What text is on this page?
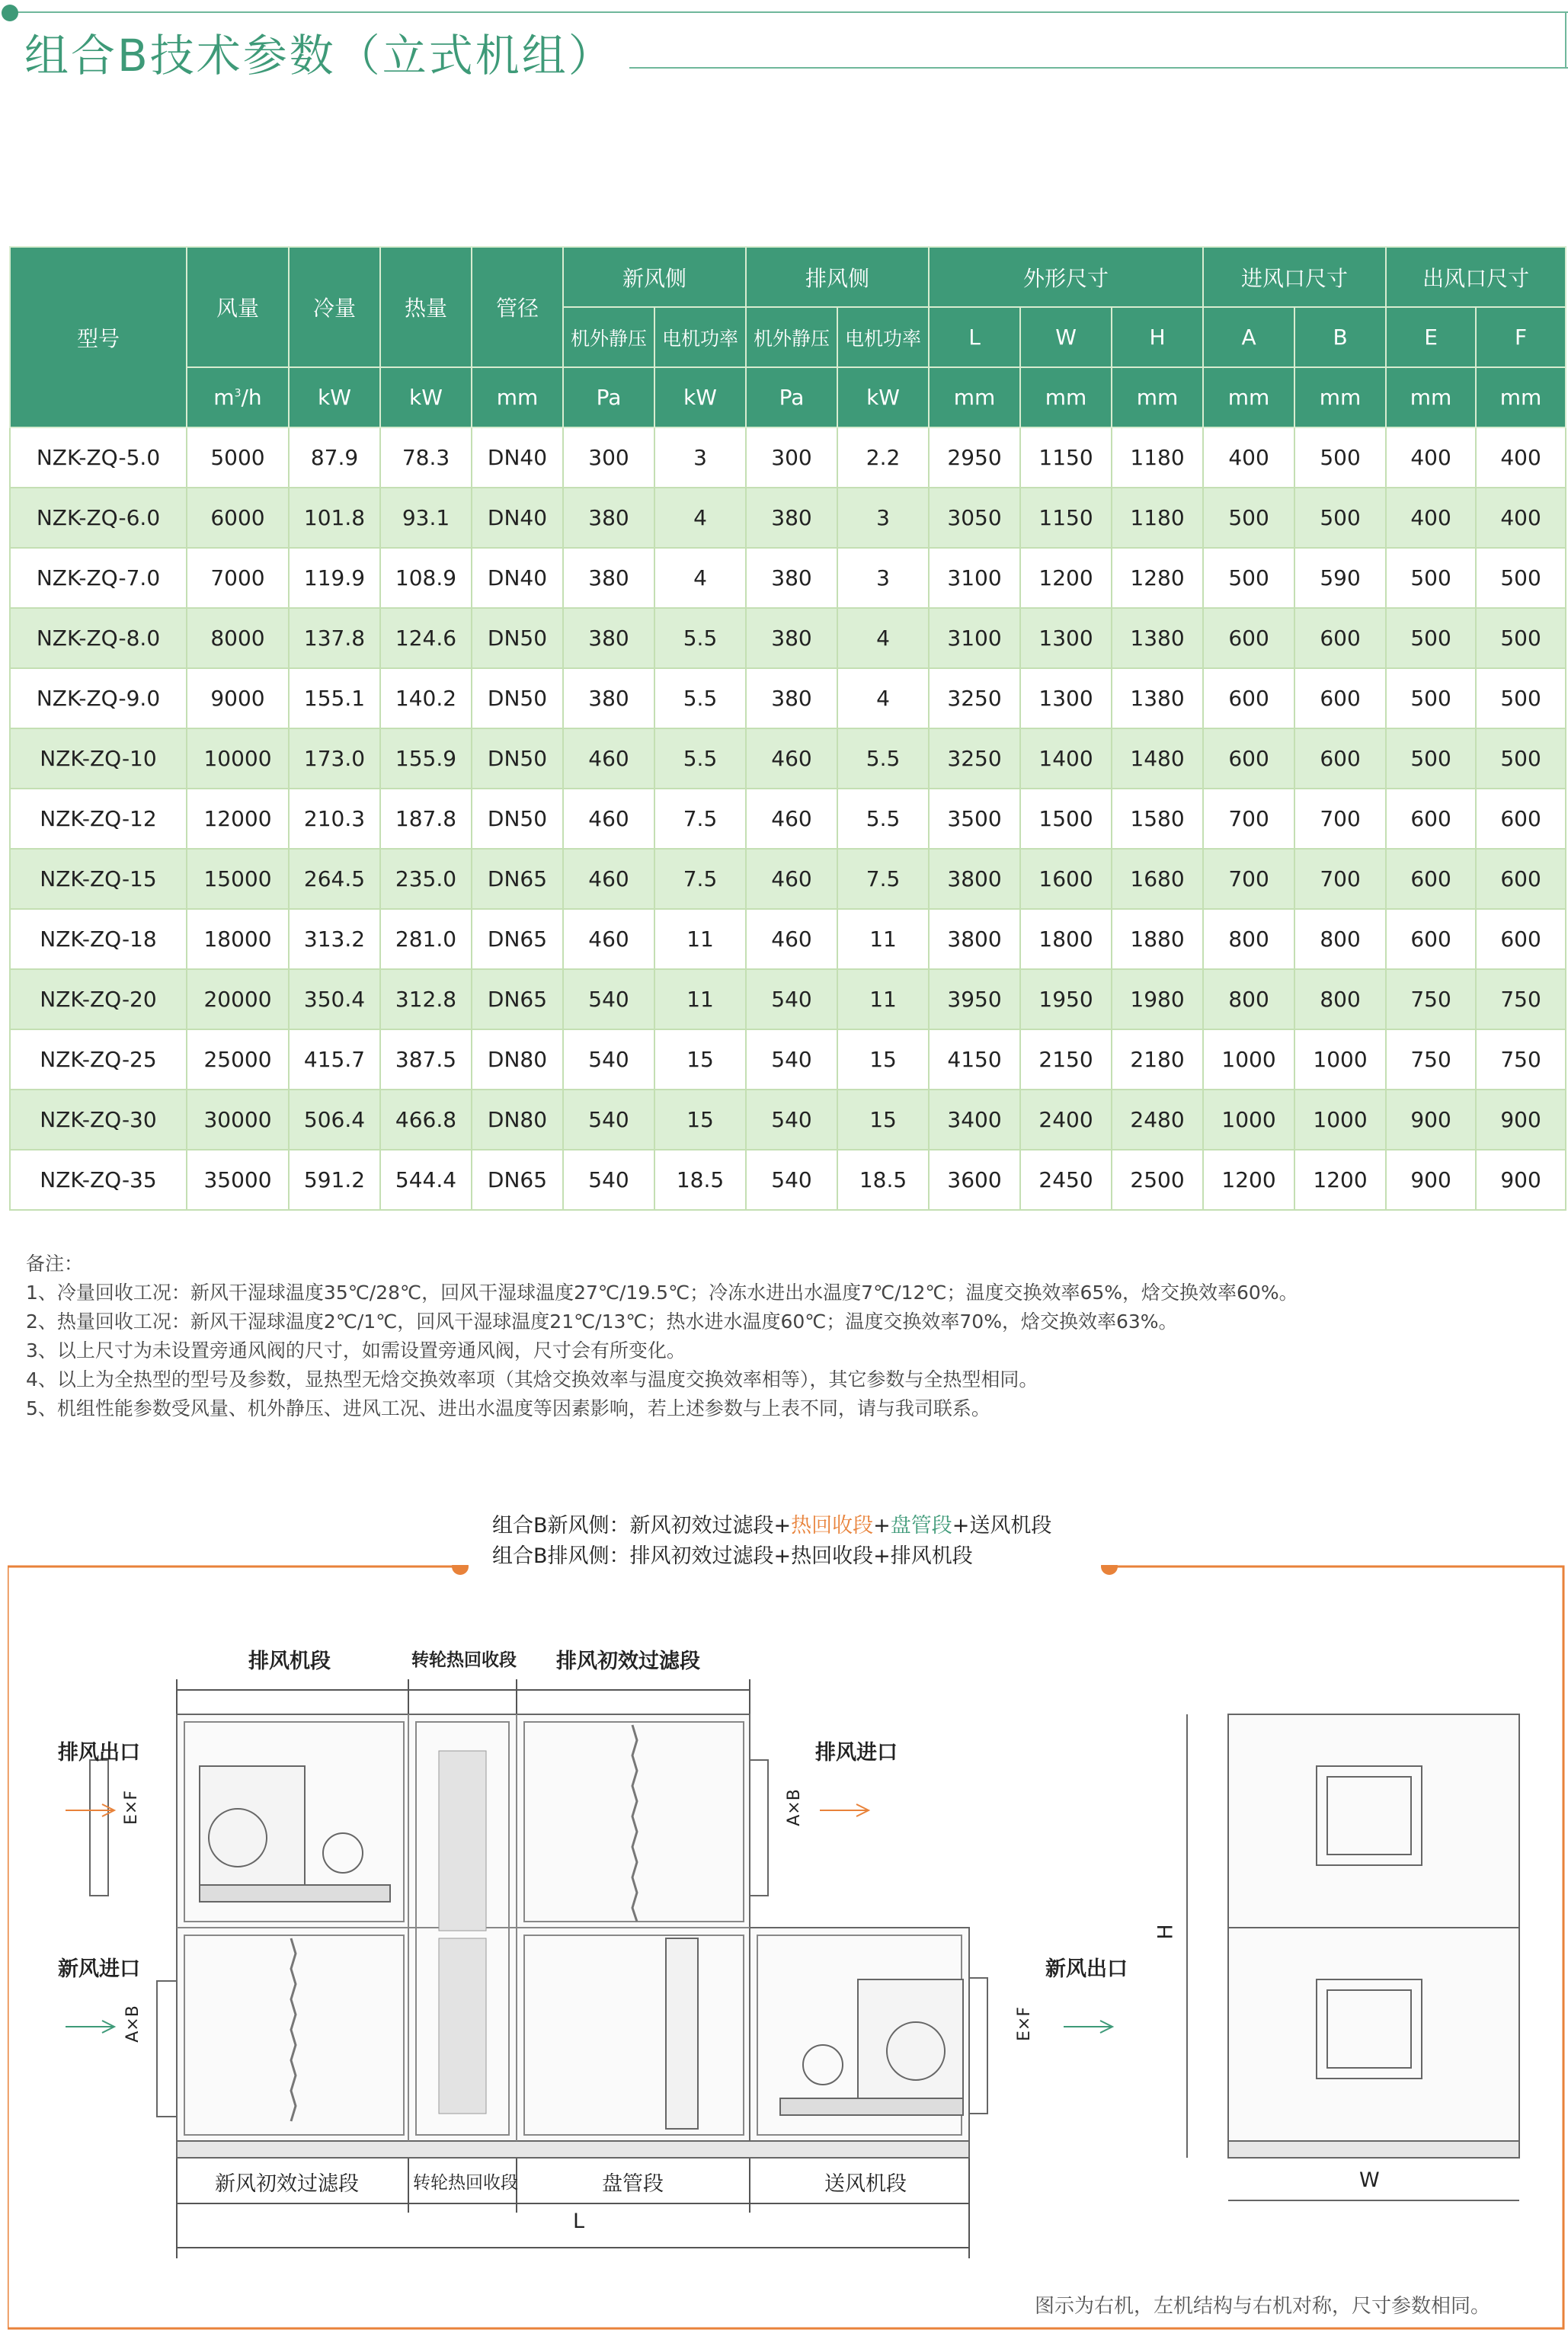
组合B技术参数（立式机组）
型号	风量	冷量	热量	管径	新风侧		排风侧		外形尺寸			进风口尺寸		出风口尺寸	
					机外静压	电机功率	机外静压	电机功率	L	W	H	A	B	E	F
	$m^3/h$	kW	kW	mm	Pa	kW	Pa	kW	mm	mm	mm	mm	mm	mm	mm
NZK-ZQ-5.0	5000	87.9	78.3	DN40	300	3	300	2.2	2950	1150	1180	400	500	400	400
NZK-ZQ-6.0	6000	101.8	93.1	DN40	380	4	380	3	3050	1150	1180	500	500	400	400
NZK-ZQ-7.0	7000	119.9	108.9	DN40	380	4	380	3	3100	1200	1280	500	590	500	500
NZK-ZQ-8.0	8000	137.8	124.6	DN50	380	5.5	380	4	3100	1300	1380	600	600	500	500
NZK-ZQ-9.0	9000	155.1	140.2	DN50	380	5.5	380	4	3250	1300	1380	600	600	500	500
NZK-ZQ-10	10000	173.0	155.9	DN50	460	5.5	460	5.5	3250	1400	1480	600	600	500	500
NZK-ZQ-12	12000	210.3	187.8	DN50	460	7.5	460	5.5	3500	1500	1580	700	700	600	600
NZK-ZQ-15	15000	264.5	235.0	DN65	460	7.5	460	7.5	3800	1600	1680	700	700	600	600
NZK-ZQ-18	18000	313.2	281.0	DN65	460	11	460	11	3800	1800	1880	800	800	600	600
NZK-ZQ-20	20000	350.4	312.8	DN65	540	11	540	11	3950	1950	1980	800	800	750	750
NZK-ZQ-25	25000	415.7	387.5	DN80	540	15	540	15	4150	2150	2180	1000	1000	750	750
NZK-ZQ-30	30000	506.4	466.8	DN80	540	15	540	15	3400	2400	2480	1000	1000	900	900
NZK-ZQ-35	35000	591.2	544.4	DN65	540	18.5	540	18.5	3600	2450	2500	1200	1200	900	900
备注：
1、冷量回收工况：新风干湿球温度35℃/28℃，回风干湿球温度27℃/19.5℃；冷冻水进出水温度7℃/12℃；温度交换效率65%，焓交换效率60%。
2、热量回收工况：新风干湿球温度2℃/1℃，回风干湿球温度21℃/13℃；热水进水温度60℃；温度交换效率70%，焓交换效率63%。
3、以上尺寸为未设置旁通风阀的尺寸，如需设置旁通风阀，尺寸会有所变化。
4、以上为全热型的型号及参数，显热型无焓交换效率项（其焓交换效率与温度交换效率相等），其它参数与全热型相同。
5、机组性能参数受风量、机外静压、进风工况、进出水温度等因素影响，若上述参数与上表不同，请与我司联系。
组合B新风侧：新风初效过滤段+热回收段+盘管段+送风机段
组合B排风侧：排风初效过滤段+热回收段+排风机段
排风机段	转轮热回收段 排风初效过滤段
新风初效过滤段	转轮热回收段	盘管段	送风机段
排风出口	排风进口
新风进口	新风出口
E×F	A×B
A×B	E×F
L
H
W
图示为右机，左机结构与右机对称，尺寸参数相同。
